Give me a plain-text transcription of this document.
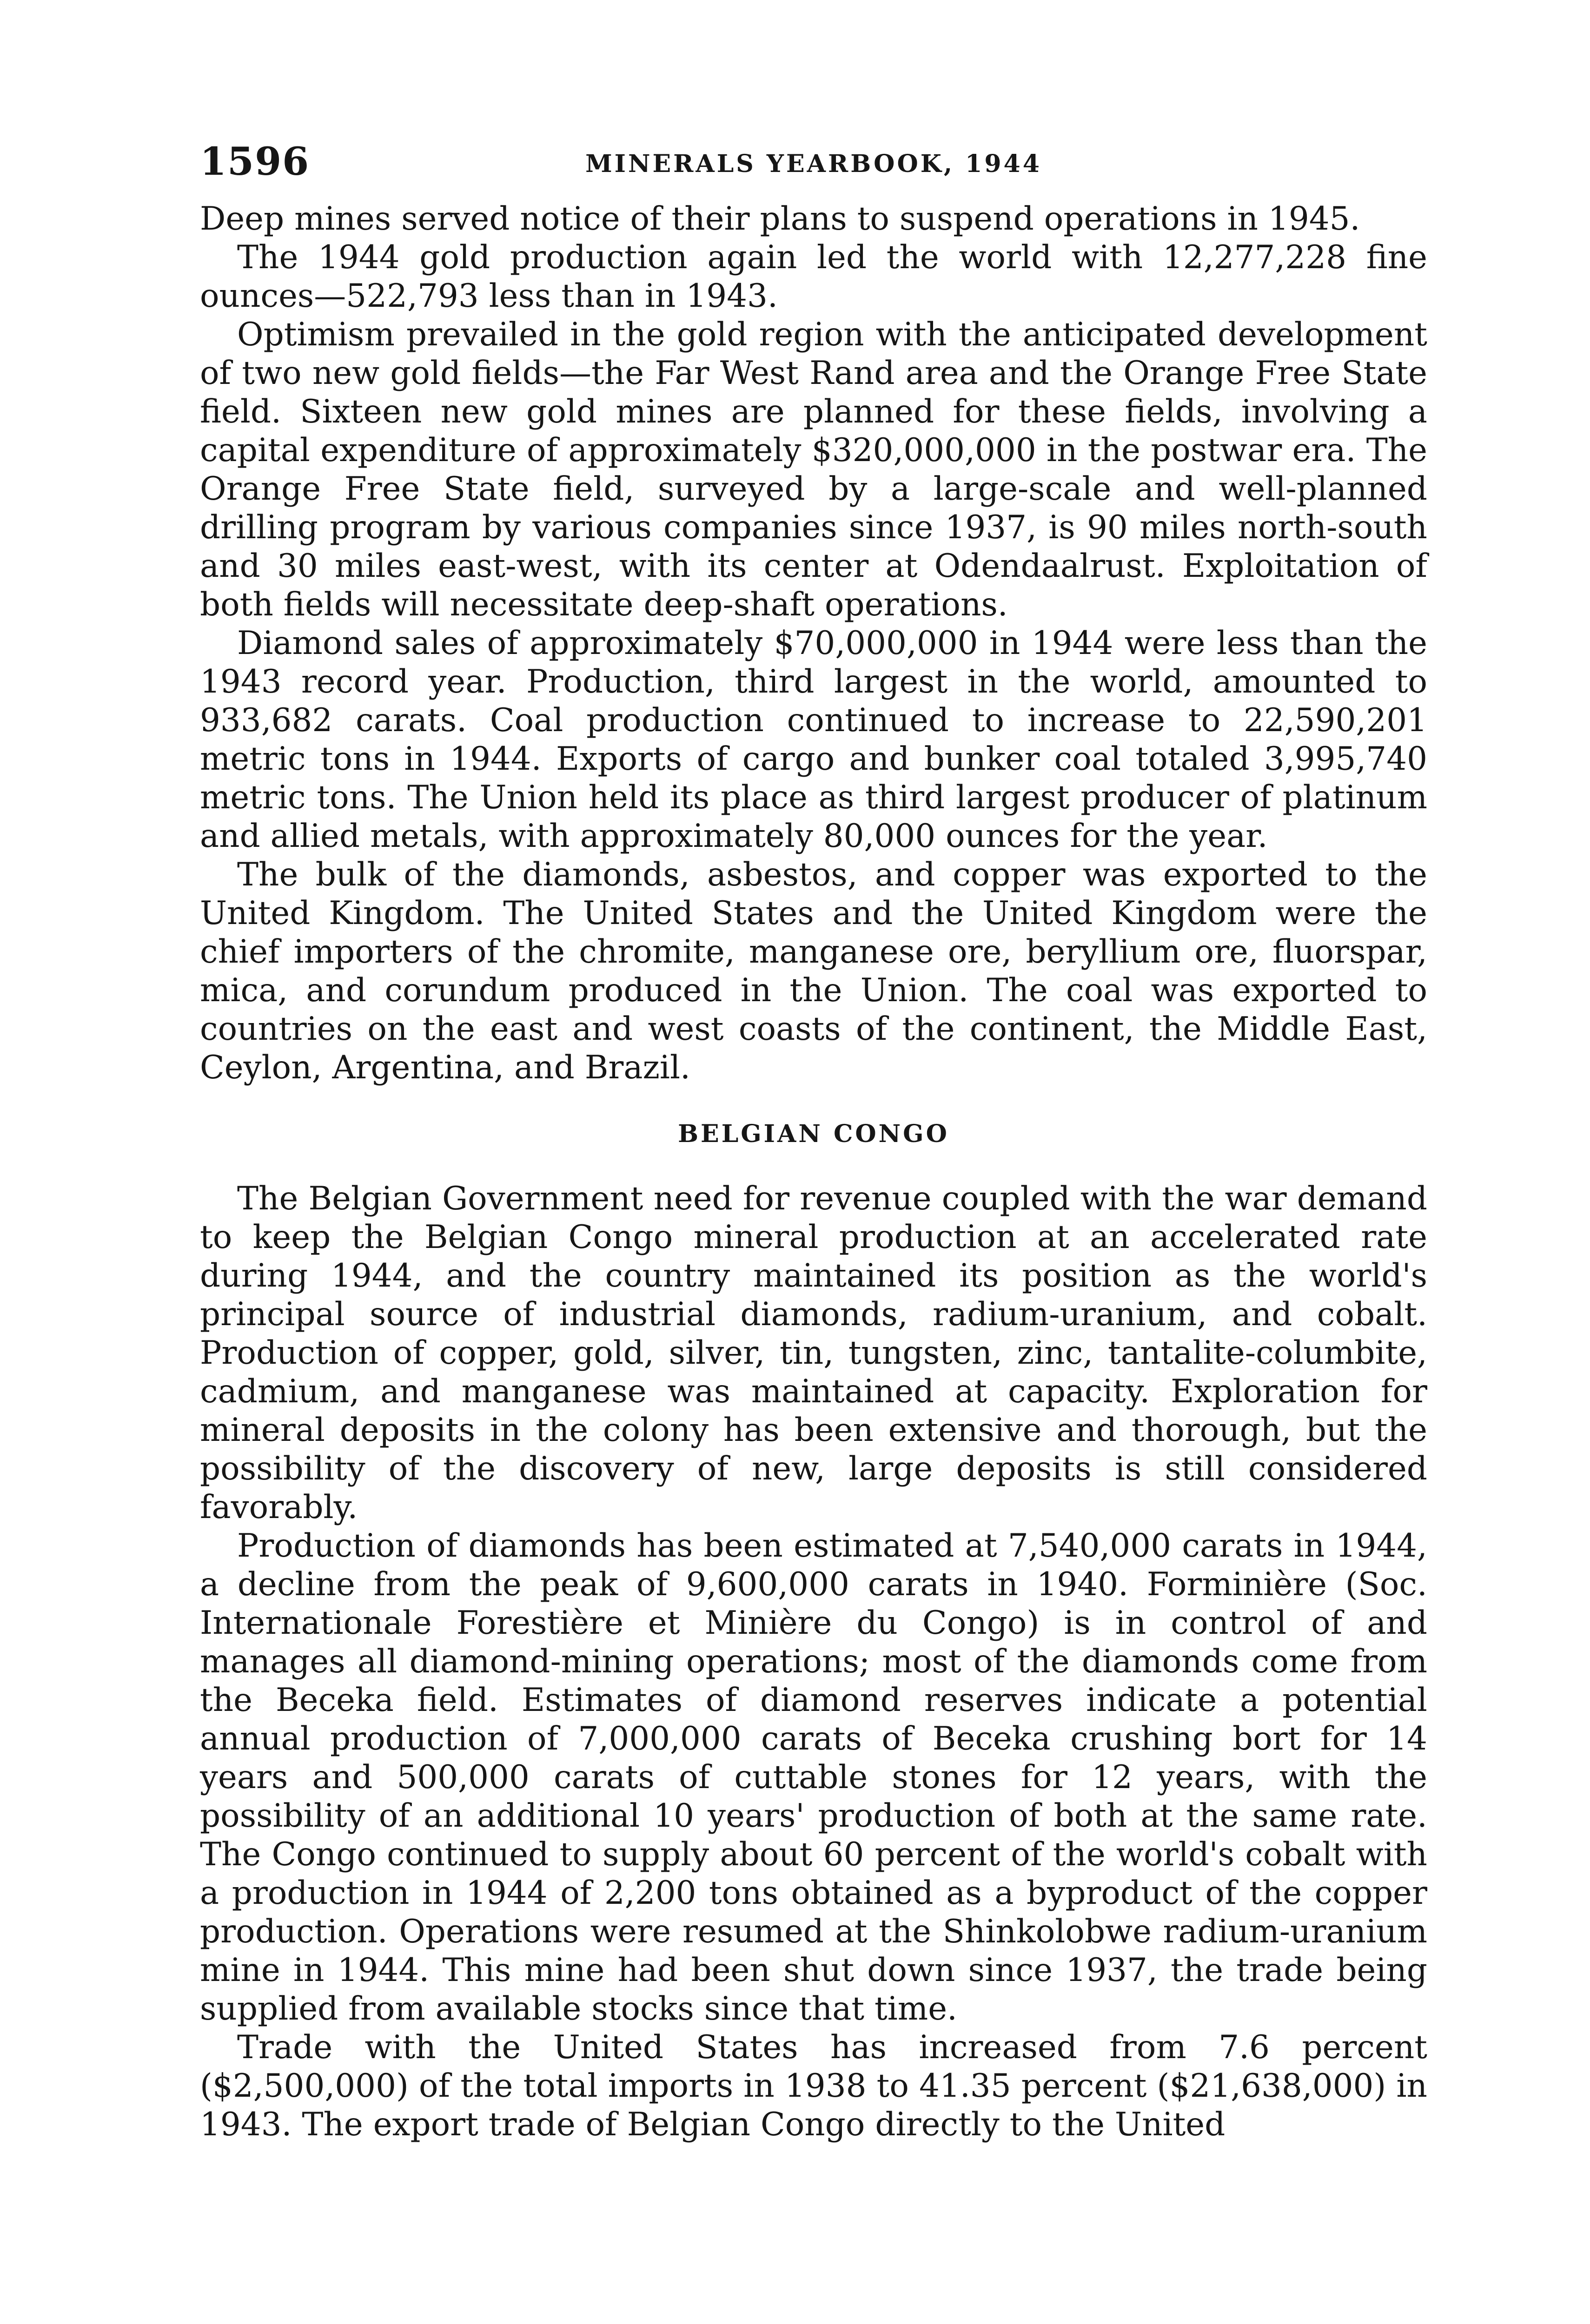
1596	MINERALS YEARBOOK, 1944

Deep mines served notice of their plans to suspend operations in 1945.

The 1944 gold production again led the world with 12,277,228 fine ounces—522,793 less than in 1943.

Optimism prevailed in the gold region with the anticipated development of two new gold fields—the Far West Rand area and the Orange Free State field. Sixteen new gold mines are planned for these fields, involving a capital expenditure of approximately $320,000,000 in the postwar era. The Orange Free State field, surveyed by a large-scale and well-planned drilling program by various companies since 1937, is 90 miles north-south and 30 miles east-west, with its center at Odendaalrust. Exploitation of both fields will necessitate deep-shaft operations.

Diamond sales of approximately $70,000,000 in 1944 were less than the 1943 record year. Production, third largest in the world, amounted to 933,682 carats. Coal production continued to increase to 22,590,201 metric tons in 1944. Exports of cargo and bunker coal totaled 3,995,740 metric tons. The Union held its place as third largest producer of platinum and allied metals, with approximately 80,000 ounces for the year.

The bulk of the diamonds, asbestos, and copper was exported to the United Kingdom. The United States and the United Kingdom were the chief importers of the chromite, manganese ore, beryllium ore, fluorspar, mica, and corundum produced in the Union. The coal was exported to countries on the east and west coasts of the continent, the Middle East, Ceylon, Argentina, and Brazil.

BELGIAN CONGO

The Belgian Government need for revenue coupled with the war demand to keep the Belgian Congo mineral production at an accelerated rate during 1944, and the country maintained its position as the world's principal source of industrial diamonds, radium-uranium, and cobalt. Production of copper, gold, silver, tin, tungsten, zinc, tantalite-columbite, cadmium, and manganese was maintained at capacity. Exploration for mineral deposits in the colony has been extensive and thorough, but the possibility of the discovery of new, large deposits is still considered favorably.

Production of diamonds has been estimated at 7,540,000 carats in 1944, a decline from the peak of 9,600,000 carats in 1940. Forminière (Soc. Internationale Forestière et Minière du Congo) is in control of and manages all diamond-mining operations; most of the diamonds come from the Beceka field. Estimates of diamond reserves indicate a potential annual production of 7,000,000 carats of Beceka crushing bort for 14 years and 500,000 carats of cuttable stones for 12 years, with the possibility of an additional 10 years' production of both at the same rate. The Congo continued to supply about 60 percent of the world's cobalt with a production in 1944 of 2,200 tons obtained as a byproduct of the copper production. Operations were resumed at the Shinkolobwe radium-uranium mine in 1944. This mine had been shut down since 1937, the trade being supplied from available stocks since that time.

Trade with the United States has increased from 7.6 percent ($2,500,000) of the total imports in 1938 to 41.35 percent ($21,638,000) in 1943. The export trade of Belgian Congo directly to the United
